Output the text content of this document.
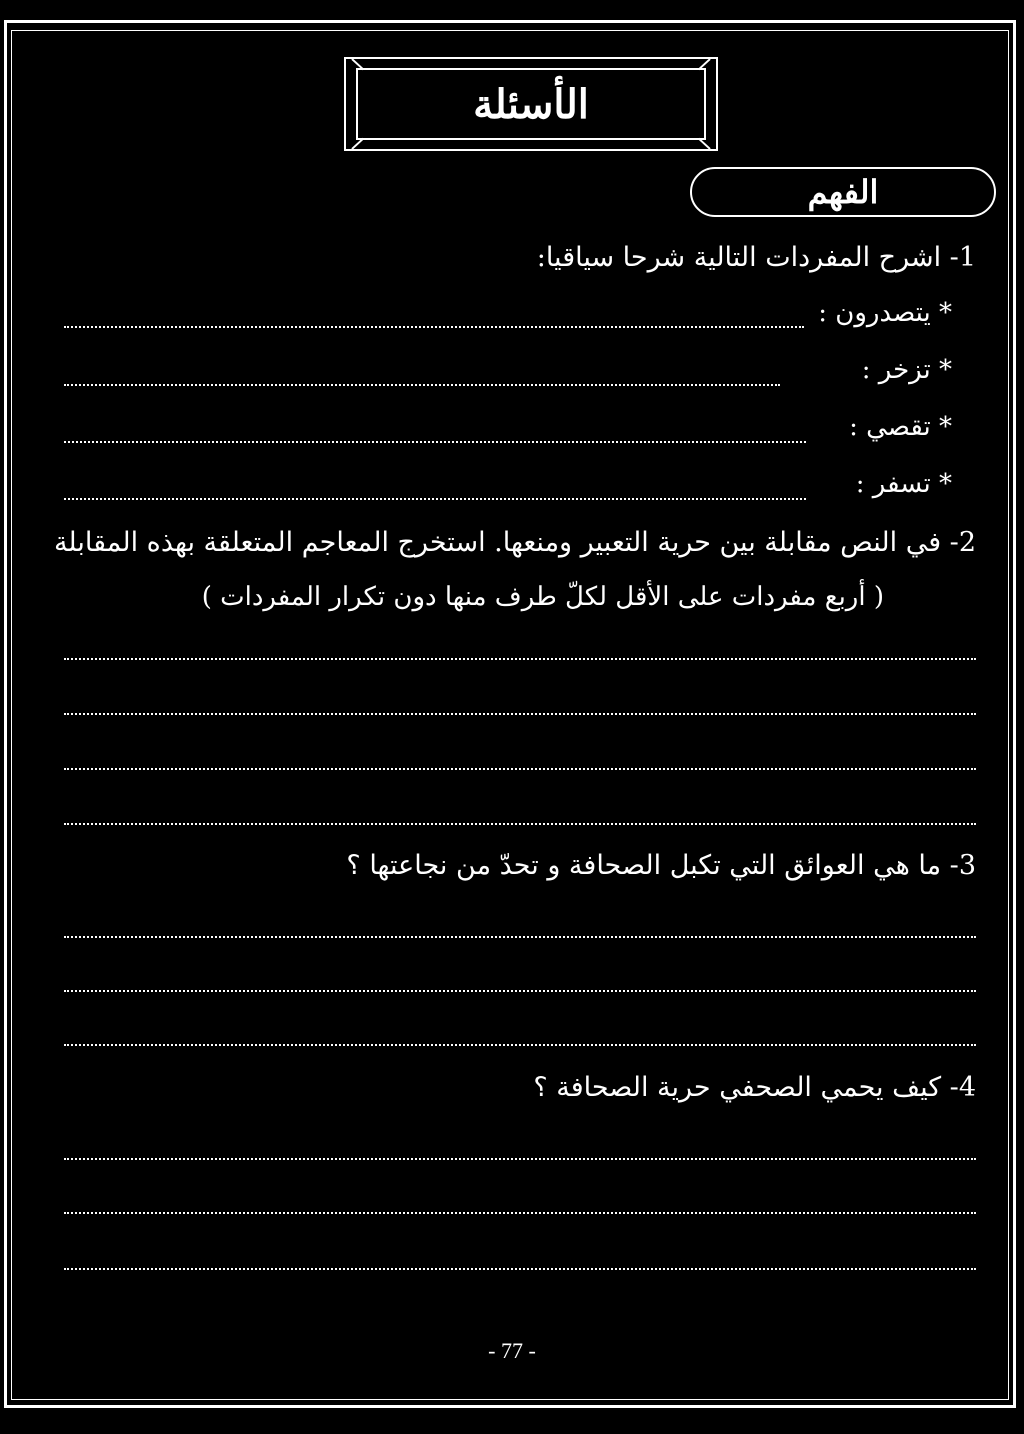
الأسئلة
الفهم
1- اشرح المفردات التالية شرحا سياقيا:
* يتصدرون :
* تزخر :
* تقصي :
* تسفر :
2- في النص مقابلة بين حرية التعبير ومنعها. استخرج المعاجم المتعلقة بهذه المقابلة
( أربع مفردات على الأقل لكلّ طرف منها دون تكرار المفردات )
3- ما هي العوائق التي تكبل الصحافة و تحدّ من نجاعتها ؟
4- كيف يحمي الصحفي حرية الصحافة ؟
- 77 -
